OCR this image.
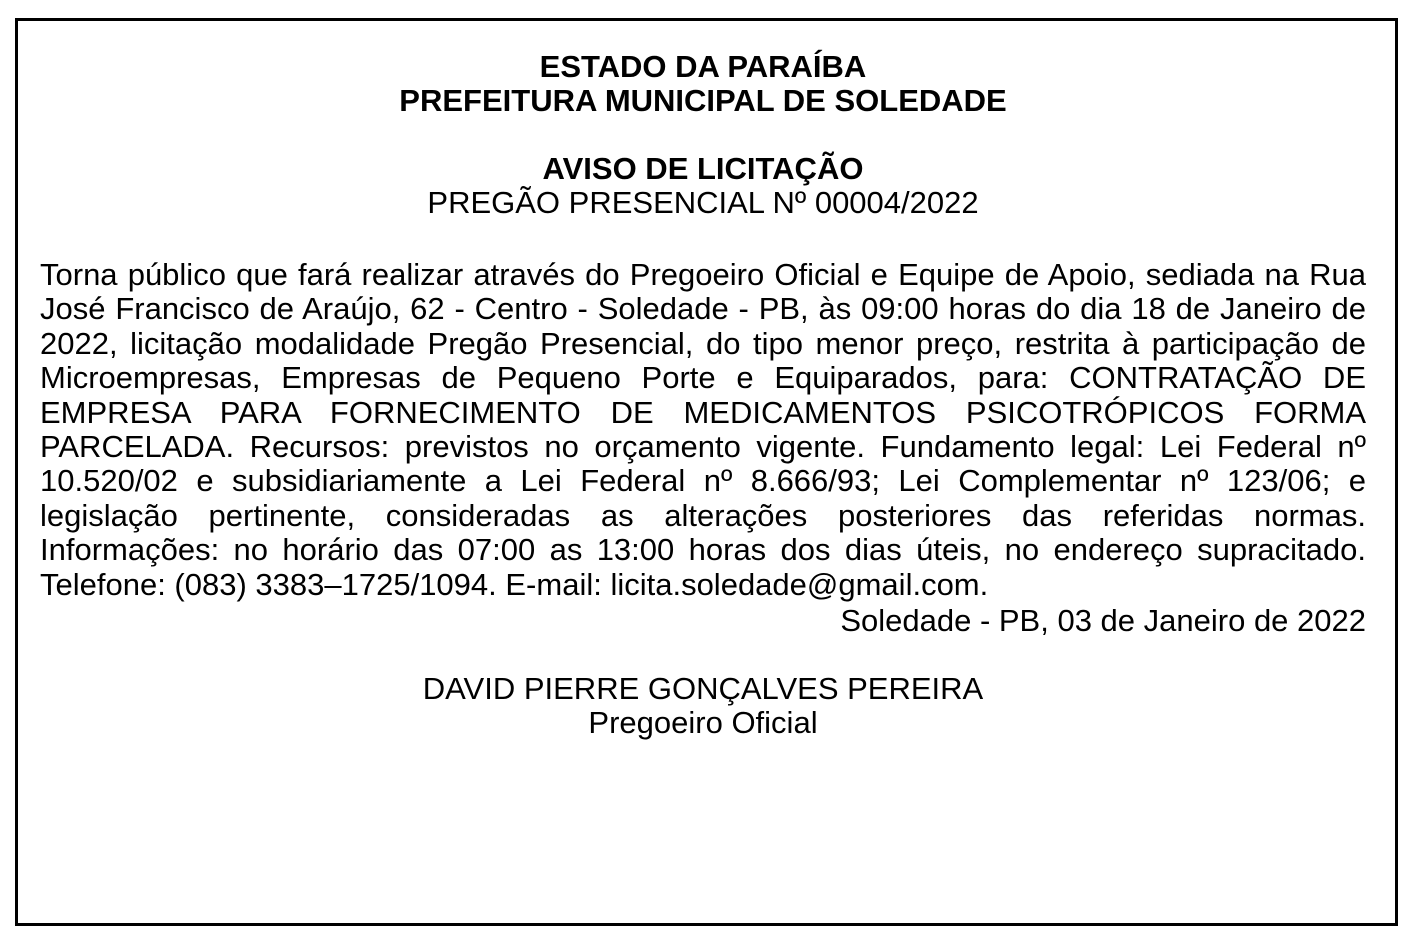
ESTADO DA PARAÍBA

PREFEITURA MUNICIPAL DE SOLEDADE

AVISO DE LICITAÇÃO

PREGÃO PRESENCIAL Nº 00004/2022

Torna público que fará realizar através do Pregoeiro Oficial e Equipe de Apoio, sediada na Rua José Francisco de Araújo, 62 - Centro - Soledade - PB, às 09:00 horas do dia 18 de Janeiro de 2022, licitação modalidade Pregão Presencial, do tipo menor preço, restrita à participação de Microempresas, Empresas de Pequeno Porte e Equiparados, para: CONTRATAÇÃO DE EMPRESA PARA FORNECIMENTO DE MEDICAMENTOS PSICOTRÓPICOS FORMA PARCELADA. Recursos: previstos no orçamento vigente. Fundamento legal: Lei Federal nº 10.520/02 e subsidiariamente a Lei Federal nº 8.666/93; Lei Complementar nº 123/06; e legislação pertinente, consideradas as alterações posteriores das referidas normas. Informações: no horário das 07:00 as 13:00 horas dos dias úteis, no endereço supracitado. Telefone: (083) 3383–1725/1094. E-mail: licita.soledade@gmail.com.

Soledade - PB, 03 de Janeiro de 2022

DAVID PIERRE GONÇALVES PEREIRA

Pregoeiro Oficial
